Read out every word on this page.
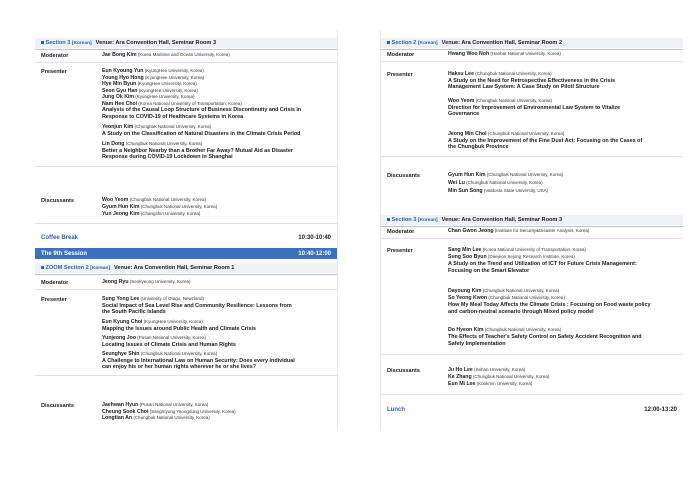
Section 3 [Korean] Venue: Ara Convention Hall, Seminar Room 3
Moderator	Jae Bong Kim (Korea Maritime and Ocean University, Korea)
Presenter	Eun Kyoung Yun (KyungHee University, Korea)
Young Hyo Hong (KyungHee University, Korea)
Hye Min Byun (KyungHee University, Korea)
Seon Gyu Han (KyungHee University, Korea)
Jung Ok Kim (KyungHee University, Korea)
Nam Hee Choi (Korea National University of Transportation, Korea)
Analysis of the Causal Loop Structure of Business Discontinuity and Crisis in
Response to COVID-19 of Healthcare Systems in Korea
Yeonjun Kim (Chungbuk National University, Korea)
A Study on the Classification of Natural Disasters in the Climate Crisis Period
Lin Dong (Chungbuk National University, Korea)
Better a Neighbor Nearby than a Brother Far Away? Mutual Aid as Disaster
Response during COVID-19 Lockdown in Shanghai
Discussants	Woo Yeom (Chungbuk National University, Korea)
Gyum Hun Kim (Chungbuk National University, Korea)
Yun Jeong Kim (Changshin University, Korea)
Coffee Break	10:30-10:40
The 9th Session	10:40-12:00
ZOOM Section 2 [Korean] Venue: Ara Convention Hall, Seminar Room 1
Moderator	Jeong Ryu (Seokyeong University, Korea)
Presenter	Sung Yong Lee (University of Otago, Newzland)
Social Impact of Sea Level Rise and Community Resilience: Lessons from
the South Pacific Islands
Eun Kyung Choi (KyungHee University, Korea)
Mapping the Issues around Public Health and Climate Crisis
Yunjeong Joo (Pusan National University, Korea)
Locating Issues of Climate Crisis and Human Rights
Seunghye Shin (Chungbuk National University, Korea)
A Challenge to International Law on Human Security: Does every individual
can enjoy his or her human rights wherever he or she lives?
Discussants	Jaehwan Hyun (Pusan National University, Korea)
Cheung Sook Choi (Sangmyung Yeongdong University, Korea)
Longtian An (Chungbuk National University, Korea)
Section 2 [Korean] Venue: Ara Convention Hall, Seminar Room 2
Moderator	Hwang Woo Noh (Hanbat National University, Korea)
Presenter	Haksu Lee (Chungbuk National University, Korea)
A Study on the Need for Retrospective Effectiveness in the Crisis
Management Law System: A Case Study on Piloti Structure
Woo Yeom (Chungbuk National University, Korea)
Direction for Improvement of Environmental Law System to Vitalize
Governance
Jeong Min Choi (Chungbuk National University, Korea)
A Study on the Improvement of the Fine Dust Act: Focusing on the Cases of
the Chungbuk Province
Discussants	Gyum Hun Kim (Chungbuk National University, Korea)
Wei Lu (Chungbuk National University, Korea)
Min Sun Song (Valdosta State University, USA)
Section 3 [Korean] Venue: Ara Convention Hall, Seminar Room 3
Moderator	Chan Gwon Jeong (Institute for Security&Disaster Analysis, Korea)
Presenter	Sang Min Lee (Korea National University of Transportation, Korea)
Sung Soo Byun (Daejeon Sejong Research Institute, Korea)
A Study on the Trend and Utilization of ICT for Future Crisis Management:
Focusing on the Smart Elevator
Dayoung Kim (Chungbuk National University, Korea)
So Yeong Kwon (Chungbuk National University, Korea)
How My Meal Today Affects the Climate Crisis : Focusing on Food waste policy
and carbon-neutral scenario through Mixed policy model
Do Hyeon Kim (Chungbuk National University, Korea)
The Effects of Teacher's Safety Control on Safety Accident Recognition and
Safety Implementation
Discussants	Ju Ho Lee (Sehan University, Korea)
Ke Zhang (Chungbuk National University, Korea)
Eun Mi Lee (Kookmin University, Korea)
Lunch	12:00-13:20
